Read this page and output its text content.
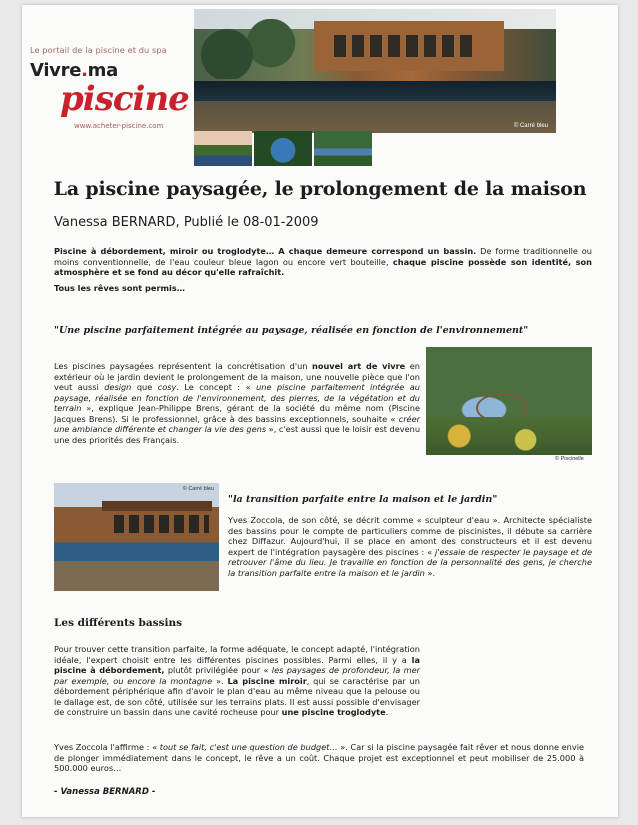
Le portail de la piscine et du spa
Vivre.ma
piscine
www.acheter-piscine.com	© Carré bleu
La piscine paysagée, le prolongement de la maison
Vanessa BERNARD, Publié le 08-01-2009
Piscine à débordement, miroir ou troglodyte… A chaque demeure correspond un bassin. De forme traditionnelle ou moins conventionnelle, de l'eau couleur bleue lagon ou encore vert bouteille, chaque piscine possède son identité, son atmosphère et se fond au décor qu'elle rafraîchit.
Tous les rêves sont permis…
"Une piscine parfaitement intégrée au paysage, réalisée en fonction de l'environnement"
Les piscines paysagées représentent la concrétisation d'un nouvel art de vivre en extérieur où le jardin devient le prolongement de la maison, une nouvelle pièce que l'on veut aussi design que cosy. Le concept : « une piscine parfaitement intégrée au paysage, réalisée en fonction de l'environnement, des pierres, de la végétation et du terrain », explique Jean-Philippe Brens, gérant de la société du même nom (Piscine Jacques Brens). Si le professionnel, grâce à des bassins exceptionnels, souhaite « créer une ambiance différente et changer la vie des gens », c'est aussi que le loisir est devenu une des priorités des Français.
© Piscinelle
© Carré bleu
"la transition parfaite entre la maison et le jardin"
Yves Zoccola, de son côté, se décrit comme « sculpteur d'eau ». Architecte spécialiste des bassins pour le compte de particuliers comme de piscinistes, il débute sa carrière chez Diffazur. Aujourd'hui, il se place en amont des constructeurs et il est devenu expert de l'intégration paysagère des piscines : « j'essaie de respecter le paysage et de retrouver l'âme du lieu. Je travaille en fonction de la personnalité des gens, je cherche la transition parfaite entre la maison et le jardin ».
Les différents bassins
Pour trouver cette transition parfaite, la forme adéquate, le concept adapté, l'intégration idéale, l'expert choisit entre les différentes piscines possibles. Parmi elles, il y a la piscine à débordement, plutôt privilégiée pour « les paysages de profondeur, la mer par exemple, ou encore la montagne ». La piscine miroir, qui se caractérise par un débordement périphérique afin d'avoir le plan d'eau au même niveau que la pelouse ou le dallage est, de son côté, utilisée sur les terrains plats. Il est aussi possible d'envisager de construire un bassin dans une cavité rocheuse pour une piscine troglodyte.
Yves Zoccola l'affirme : « tout se fait, c'est une question de budget… ». Car si la piscine paysagée fait rêver et nous donne envie de plonger immédiatement dans le concept, le rêve a un coût. Chaque projet est exceptionnel et peut mobiliser de 25.000 à 500.000 euros…
- Vanessa BERNARD -
